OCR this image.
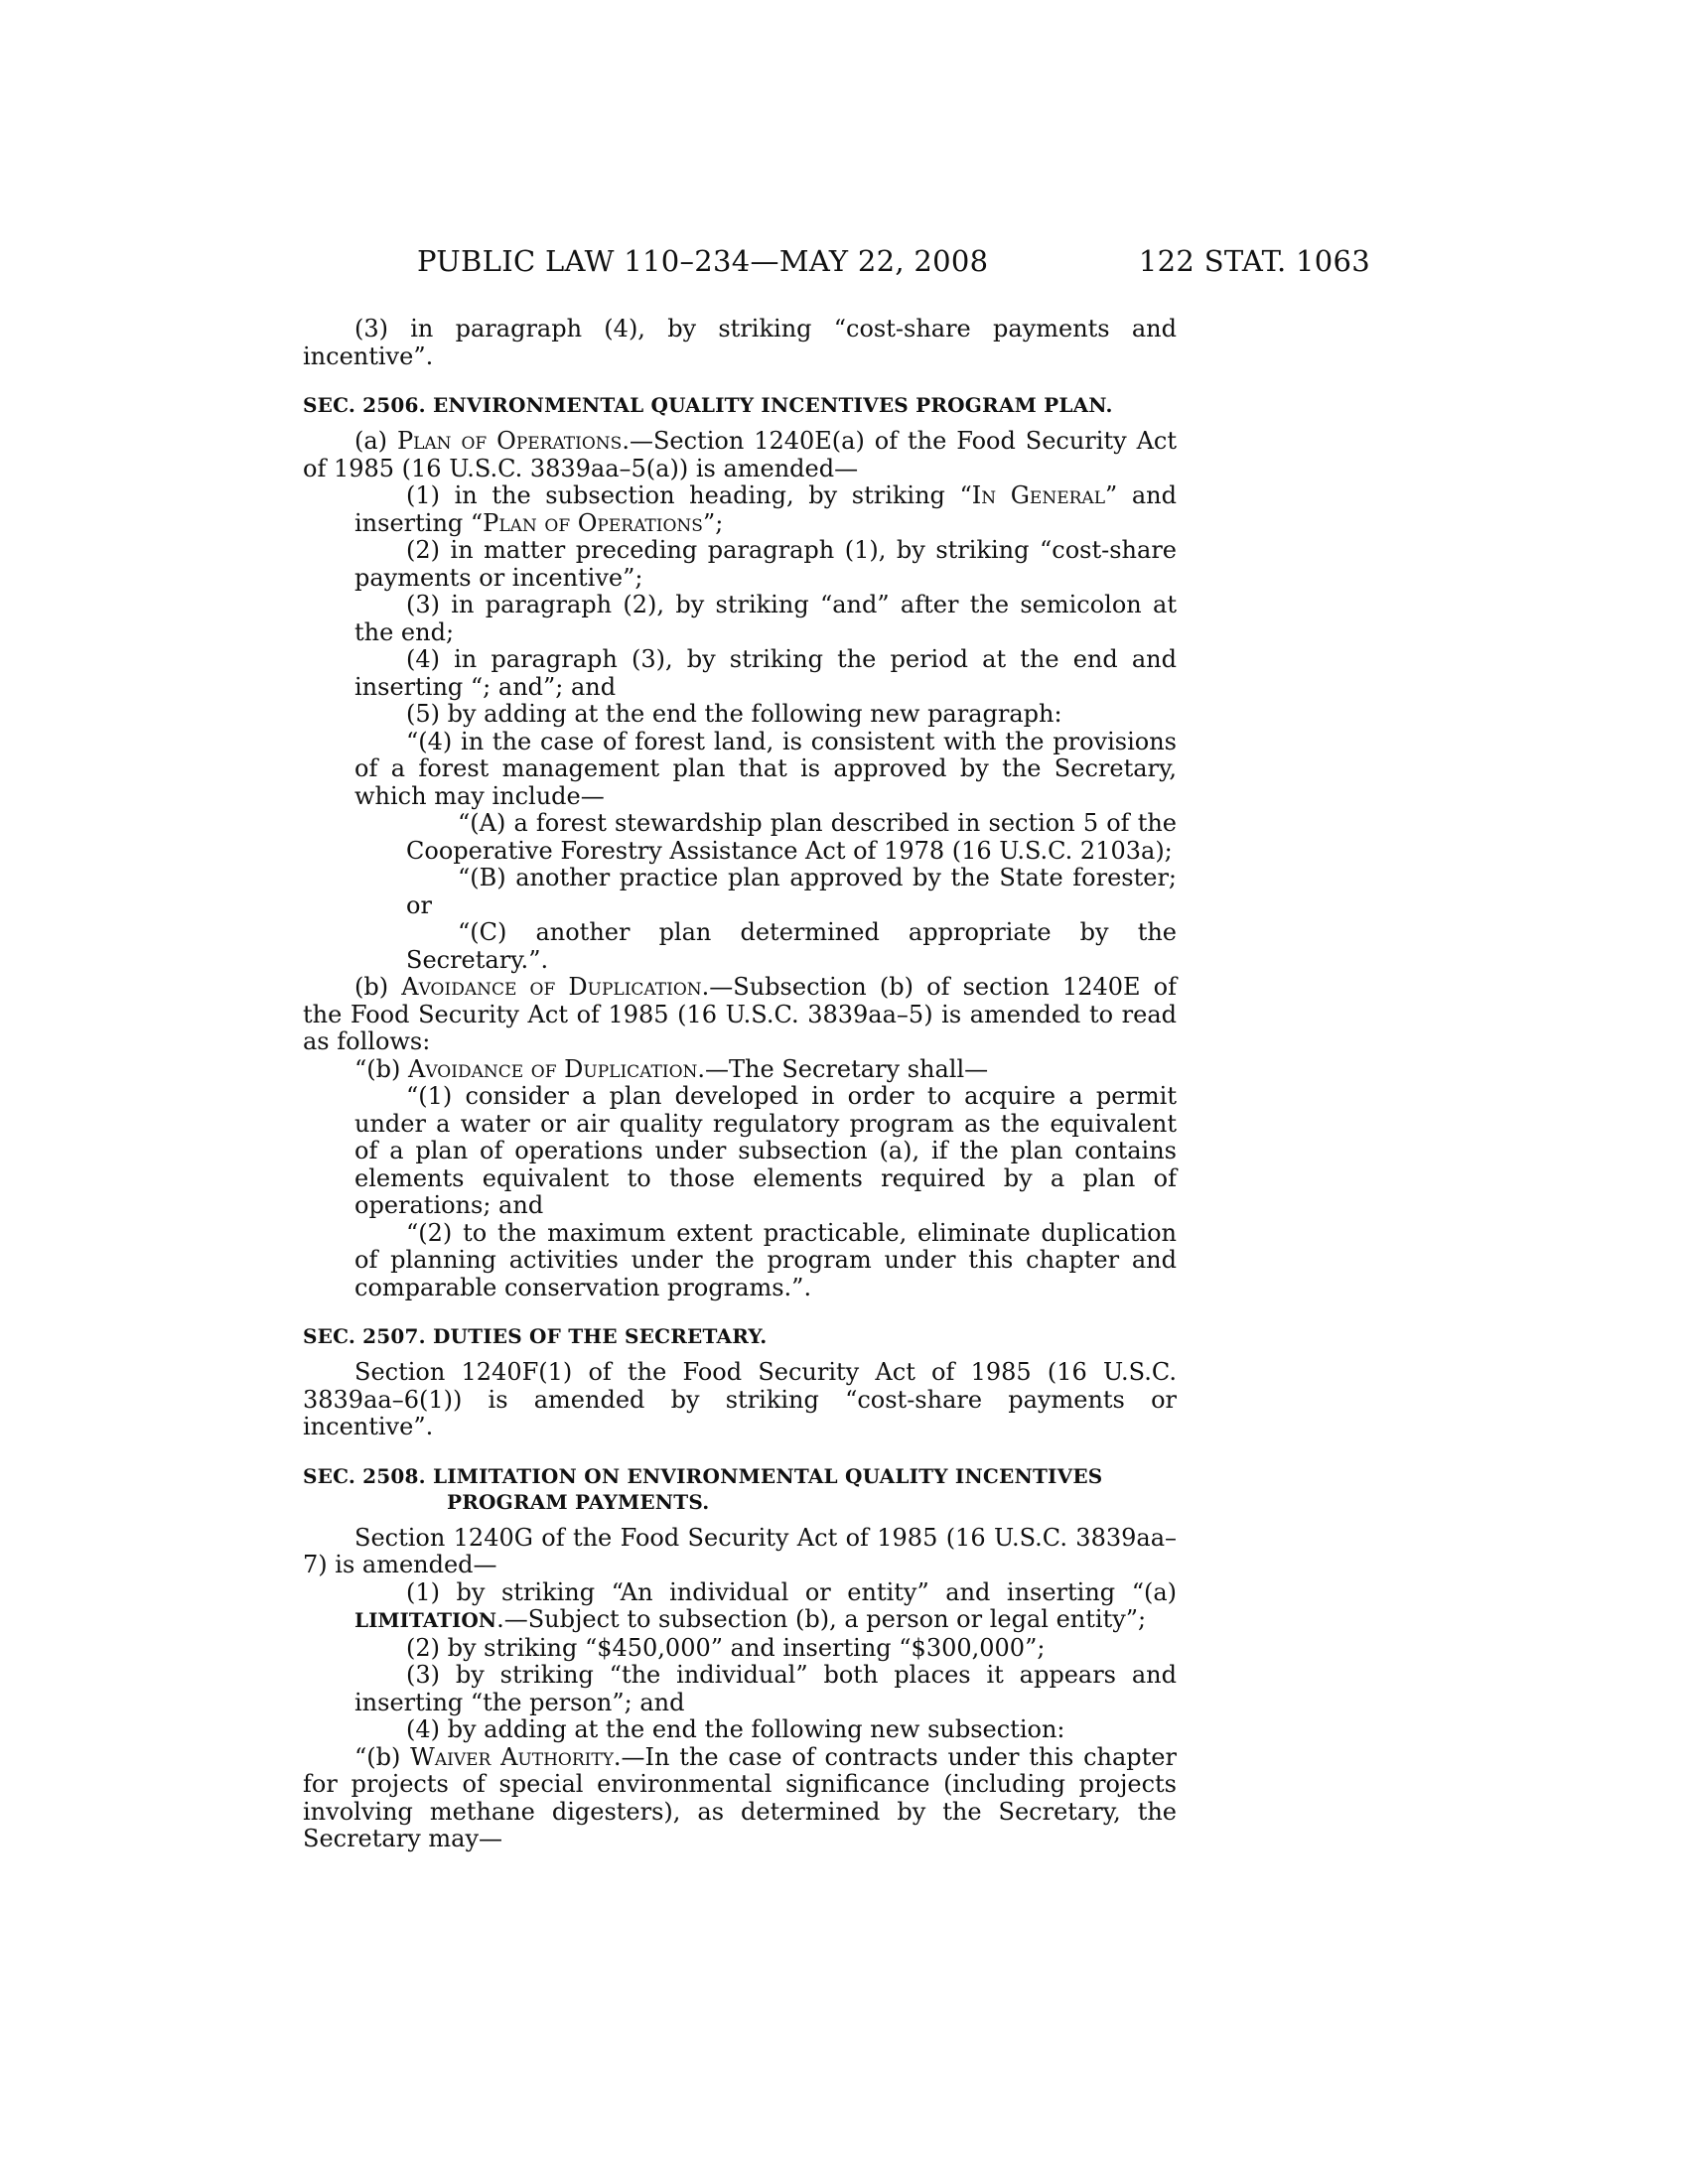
PUBLIC LAW 110–234—MAY 22, 2008	122 STAT. 1063

(3) in paragraph (4), by striking “cost-share payments and incentive”.

SEC. 2506. ENVIRONMENTAL QUALITY INCENTIVES PROGRAM PLAN.

(a) Plan of Operations.—Section 1240E(a) of the Food Security Act of 1985 (16 U.S.C. 3839aa–5(a)) is amended—

(1) in the subsection heading, by striking “In General” and inserting “Plan of Operations”;

(2) in matter preceding paragraph (1), by striking “cost-share payments or incentive”;

(3) in paragraph (2), by striking “and” after the semicolon at the end;

(4) in paragraph (3), by striking the period at the end and inserting “; and”; and

(5) by adding at the end the following new paragraph:

“(4) in the case of forest land, is consistent with the provisions of a forest management plan that is approved by the Secretary, which may include—

“(A) a forest stewardship plan described in section 5 of the Cooperative Forestry Assistance Act of 1978 (16 U.S.C. 2103a);

“(B) another practice plan approved by the State forester; or

“(C) another plan determined appropriate by the Secretary.”.

(b) Avoidance of Duplication.—Subsection (b) of section 1240E of the Food Security Act of 1985 (16 U.S.C. 3839aa–5) is amended to read as follows:

“(b) Avoidance of Duplication.—The Secretary shall—

“(1) consider a plan developed in order to acquire a permit under a water or air quality regulatory program as the equivalent of a plan of operations under subsection (a), if the plan contains elements equivalent to those elements required by a plan of operations; and

“(2) to the maximum extent practicable, eliminate duplication of planning activities under the program under this chapter and comparable conservation programs.”.

SEC. 2507. DUTIES OF THE SECRETARY.

Section 1240F(1) of the Food Security Act of 1985 (16 U.S.C. 3839aa–6(1)) is amended by striking “cost-share payments or incentive”.

SEC. 2508. LIMITATION ON ENVIRONMENTAL QUALITY INCENTIVES
PROGRAM PAYMENTS.

Section 1240G of the Food Security Act of 1985 (16 U.S.C. 3839aa–7) is amended—

(1) by striking “An individual or entity” and inserting “(a) LIMITATION.—Subject to subsection (b), a person or legal entity”;

(2) by striking “$450,000” and inserting “$300,000”;

(3) by striking “the individual” both places it appears and inserting “the person”; and

(4) by adding at the end the following new subsection:

“(b) Waiver Authority.—In the case of contracts under this chapter for projects of special environmental significance (including projects involving methane digesters), as determined by the Secretary, the Secretary may—
